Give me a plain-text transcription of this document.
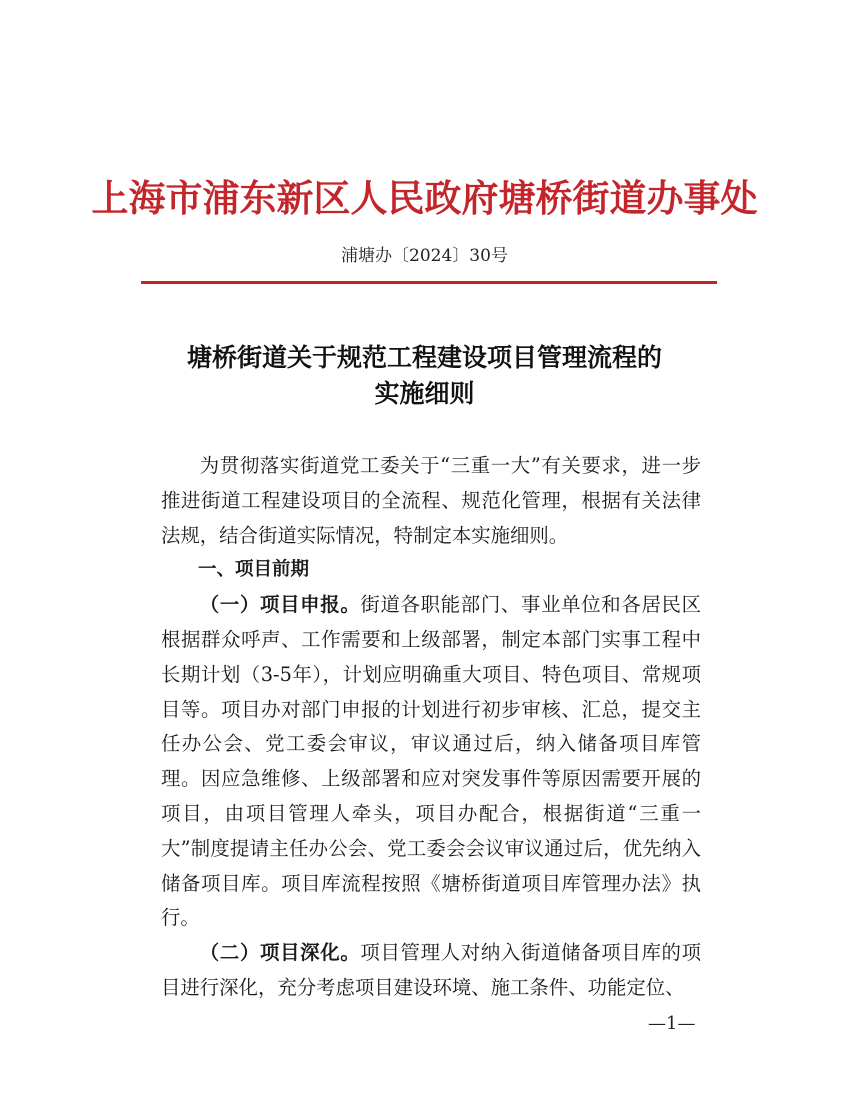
上海市浦东新区人民政府塘桥街道办事处
浦塘办〔2024〕30号
塘桥街道关于规范工程建设项目管理流程的
实施细则

为贯彻落实街道党工委关于“三重一大”有关要求，进一步推进街道工程建设项目的全流程、规范化管理，根据有关法律法规，结合街道实际情况，特制定本实施细则。

一、项目前期

（一）项目申报。街道各职能部门、事业单位和各居民区根据群众呼声、工作需要和上级部署，制定本部门实事工程中长期计划（3-5年），计划应明确重大项目、特色项目、常规项目等。项目办对部门申报的计划进行初步审核、汇总，提交主任办公会、党工委会审议，审议通过后，纳入储备项目库管理。因应急维修、上级部署和应对突发事件等原因需要开展的项目，由项目管理人牵头，项目办配合，根据街道“三重一大”制度提请主任办公会、党工委会会议审议通过后，优先纳入储备项目库。项目库流程按照《塘桥街道项目库管理办法》执行。

（二）项目深化。项目管理人对纳入街道储备项目库的项目进行深化，充分考虑项目建设环境、施工条件、功能定位、

—1—
